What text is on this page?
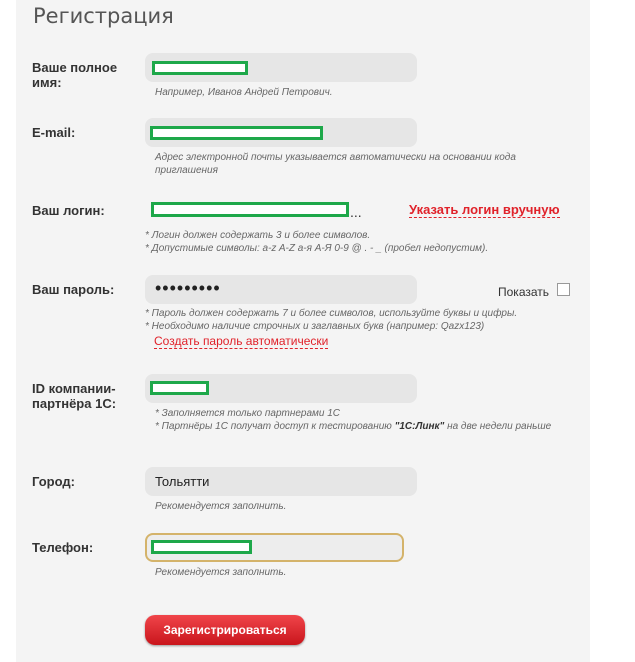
Регистрация
Ваше полное имя:
Например, Иванов Андрей Петрович.
E-mail:
Адрес электронной почты указывается автоматически на основании кода приглашения
Ваш логин:	...	Указать логин вручную
* Логин должен содержать 3 и более символов.
* Допустимые символы: a-z A-Z а-я А-Я 0-9 @ . - _ (пробел недопустим).
Ваш пароль: •••••••••	Показать
* Пароль должен содержать 7 и более символов, используйте буквы и цифры.
* Необходимо наличие строчных и заглавных букв (например: Qazx123)
Создать пароль автоматически
ID компании-партнёра 1С:
* Заполняется только партнерами 1С
* Партнёры 1С получат доступ к тестированию "1С:Линк" на две недели раньше
Город:	Тольятти
Рекомендуется заполнить.
Телефон:
Рекомендуется заполнить.
Зарегистрироваться
